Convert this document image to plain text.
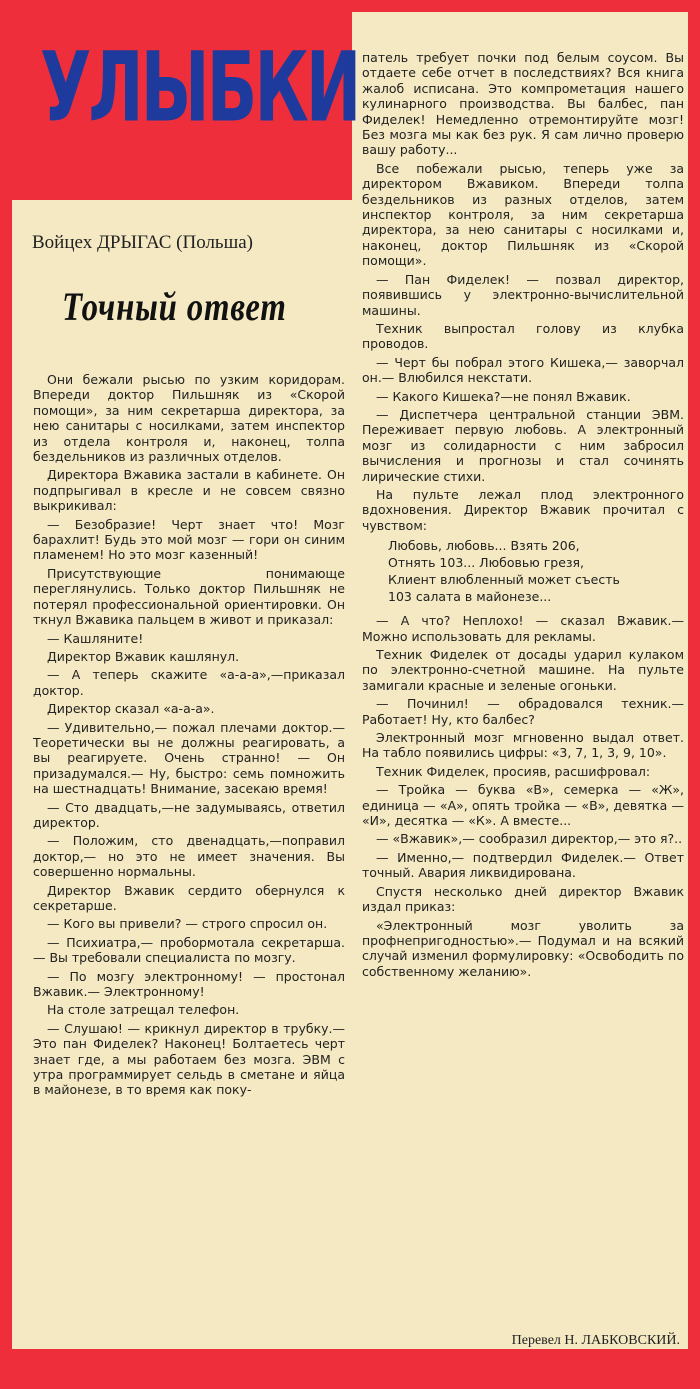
УЛЫБКИ
Войцех ДРЫГАС (Польша)
Точный ответ

Они бежали рысью по узким коридорам. Впереди доктор Пильшняк из «Скорой помощи», за ним секретарша директора, за нею санитары с носилками, затем инспектор из отдела контроля и, наконец, толпа бездельников из различных отделов.

Директора Вжавика застали в кабинете. Он подпрыгивал в кресле и не совсем связно выкрикивал:

— Безобразие! Черт знает что! Мозг барахлит! Будь это мой мозг — гори он синим пламенем! Но это мозг казенный!

Присутствующие понимающе переглянулись. Только доктор Пильшняк не потерял профессиональной ориентировки. Он ткнул Вжавика пальцем в живот и приказал:

— Кашляните!

Директор Вжавик кашлянул.

— А теперь скажите «а-а-а»,—приказал доктор.

Директор сказал «а-а-а».

— Удивительно,— пожал плечами доктор.— Теоретически вы не должны реагировать, а вы реагируете. Очень странно! — Он призадумался.— Ну, быстро: семь помножить на шестнадцать! Внимание, засекаю время!

— Сто двадцать,—не задумываясь, ответил директор.

— Положим, сто двенадцать,—поправил доктор,— но это не имеет значения. Вы совершенно нормальны.

Директор Вжавик сердито обернулся к секретарше.

— Кого вы привели? — строго спросил он.

— Психиатра,— пробормотала секретарша.— Вы требовали специалиста по мозгу.

— По мозгу электронному! — простонал Вжавик.— Электронному!

На столе затрещал телефон.

— Слушаю! — крикнул директор в трубку.— Это пан Фиделек? Наконец! Болтаетесь черт знает где, а мы работаем без мозга. ЭВМ с утра программирует сельдь в сметане и яйца в майонезе, в то время как поку-

патель требует почки под белым соусом. Вы отдаете себе отчет в последствиях? Вся книга жалоб исписана. Это компрометация нашего кулинарного производства. Вы балбес, пан Фиделек! Немедленно отремонтируйте мозг! Без мозга мы как без рук. Я сам лично проверю вашу работу...

Все побежали рысью, теперь уже за директором Вжавиком. Впереди толпа бездельников из разных отделов, затем инспектор контроля, за ним секретарша директора, за нею санитары с носилками и, наконец, доктор Пильшняк из «Скорой помощи».

— Пан Фиделек! — позвал директор, появившись у электронно-вычислительной машины.

Техник выпростал голову из клубка проводов.

— Черт бы побрал этого Кишека,— заворчал он.— Влюбился некстати.

— Какого Кишека?—не понял Вжавик.

— Диспетчера центральной станции ЭВМ. Переживает первую любовь. А электронный мозг из солидарности с ним забросил вычисления и прогнозы и стал сочинять лирические стихи.

На пульте лежал плод электронного вдохновения. Директор Вжавик прочитал с чувством:

Любовь, любовь... Взять 206,
Отнять 103... Любовью грезя,
Клиент влюбленный может съесть
103 салата в майонезе...

— А что? Неплохо! — сказал Вжавик.— Можно использовать для рекламы.

Техник Фиделек от досады ударил кулаком по электронно-счетной машине. На пульте замигали красные и зеленые огоньки.

— Починил! — обрадовался техник.— Работает! Ну, кто балбес?

Электронный мозг мгновенно выдал ответ. На табло появились цифры: «3, 7, 1, 3, 9, 10».

Техник Фиделек, просияв, расшифровал:

— Тройка — буква «В», семерка — «Ж», единица — «А», опять тройка — «В», девятка — «И», десятка — «К». А вместе...

— «Вжавик»,— сообразил директор,— это я?..

— Именно,— подтвердил Фиделек.— Ответ точный. Авария ликвидирована.

Спустя несколько дней директор Вжавик издал приказ:

«Электронный мозг уволить за профнепригодностью».— Подумал и на всякий случай изменил формулировку: «Освободить по собственному желанию».

Перевел Н. ЛАБКОВСКИЙ.
